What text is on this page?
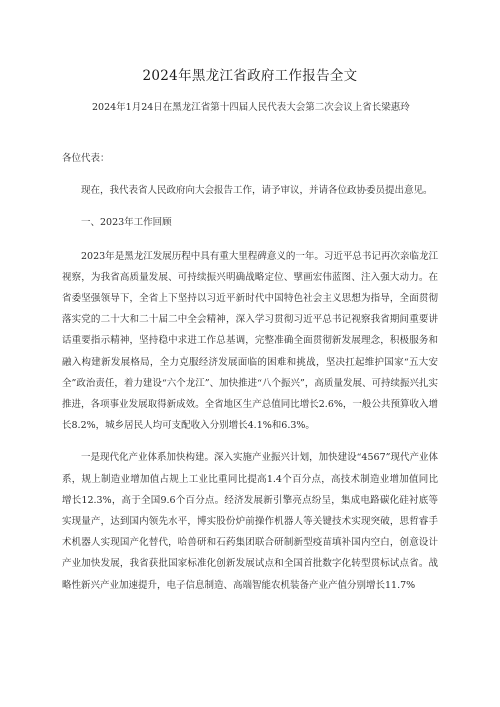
2024年黑龙江省政府工作报告全文
2024年1月24日在黑龙江省第十四届人民代表大会第二次会议上省长梁惠玲

各位代表：

现在，我代表省人民政府向大会报告工作，请予审议，并请各位政协委员提出意见。

一、2023年工作回顾

2023年是黑龙江发展历程中具有重大里程碑意义的一年。习近平总书记再次亲临龙江视察，为我省高质量发展、可持续振兴明确战略定位、擘画宏伟蓝图、注入强大动力。在省委坚强领导下，全省上下坚持以习近平新时代中国特色社会主义思想为指导，全面贯彻落实党的二十大和二十届二中全会精神，深入学习贯彻习近平总书记视察我省期间重要讲话重要指示精神，坚持稳中求进工作总基调，完整准确全面贯彻新发展理念，积极服务和融入构建新发展格局，全力克服经济发展面临的困难和挑战，坚决扛起维护国家“五大安全”政治责任，着力建设“六个龙江”、加快推进“八个振兴”，高质量发展、可持续振兴扎实推进，各项事业发展取得新成效。全省地区生产总值同比增长2.6%，一般公共预算收入增长8.2%，城乡居民人均可支配收入分别增长4.1%和6.3%。

一是现代化产业体系加快构建。深入实施产业振兴计划，加快建设“4567”现代产业体系，规上制造业增加值占规上工业比重同比提高1.4个百分点，高技术制造业增加值同比增长12.3%，高于全国9.6个百分点。经济发展新引擎亮点纷呈，集成电路碳化硅衬底等实现量产，达到国内领先水平，博实股份炉前操作机器人等关键技术实现突破，思哲睿手术机器人实现国产化替代，哈兽研和石药集团联合研制新型疫苗填补国内空白，创意设计产业加快发展，我省获批国家标准化创新发展试点和全国首批数字化转型贯标试点省。战略性新兴产业加速提升，电子信息制造、高端智能农机装备产业产值分别增长11.7%
